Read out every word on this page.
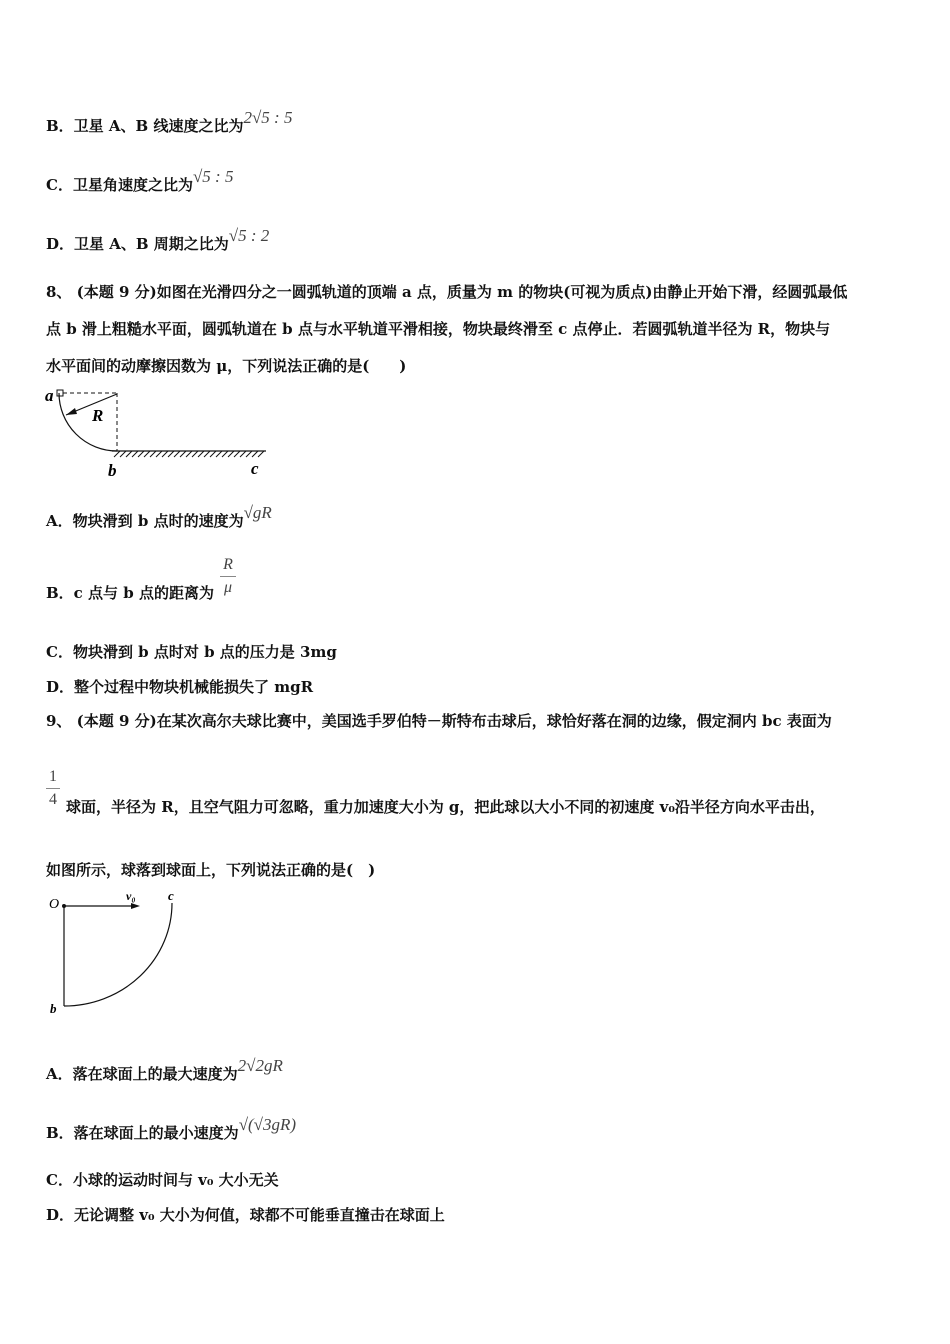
B．卫星 A、B 线速度之比为2√5 : 5
C．卫星角速度之比为√5 : 5
D．卫星 A、B 周期之比为√5 : 2
8、 (本题 9 分)如图在光滑四分之一圆弧轨道的顶端 a 点，质量为 m 的物块(可视为质点)由静止开始下滑，经圆弧最低
点 b 滑上粗糙水平面，圆弧轨道在 b 点与水平轨道平滑相接，物块最终滑至 c 点停止．若圆弧轨道半径为 R，物块与
水平面间的动摩擦因数为 μ，下列说法正确的是(　　)
a
R
b	c
A．物块滑到 b 点时的速度为√gR
B．c 点与 b 点的距离为
R
μ
C．物块滑到 b 点时对 b 点的压力是 3mg
D．整个过程中物块机械能损失了 mgR
9、 (本题 9 分)在某次高尔夫球比赛中，美国选手罗伯特－斯特布击球后，球恰好落在洞的边缘，假定洞内 bc 表面为
1
4 球面，半径为 R，且空气阻力可忽略，重力加速度大小为 g，把此球以大小不同的初速度 v₀沿半径方向水平击出，
如图所示，球落到球面上，下列说法正确的是(　)
O
v₀ c
b
A．落在球面上的最大速度为2√2gR
B．落在球面上的最小速度为√(√3gR)
C．小球的运动时间与 v₀ 大小无关
D．无论调整 v₀ 大小为何值，球都不可能垂直撞击在球面上
